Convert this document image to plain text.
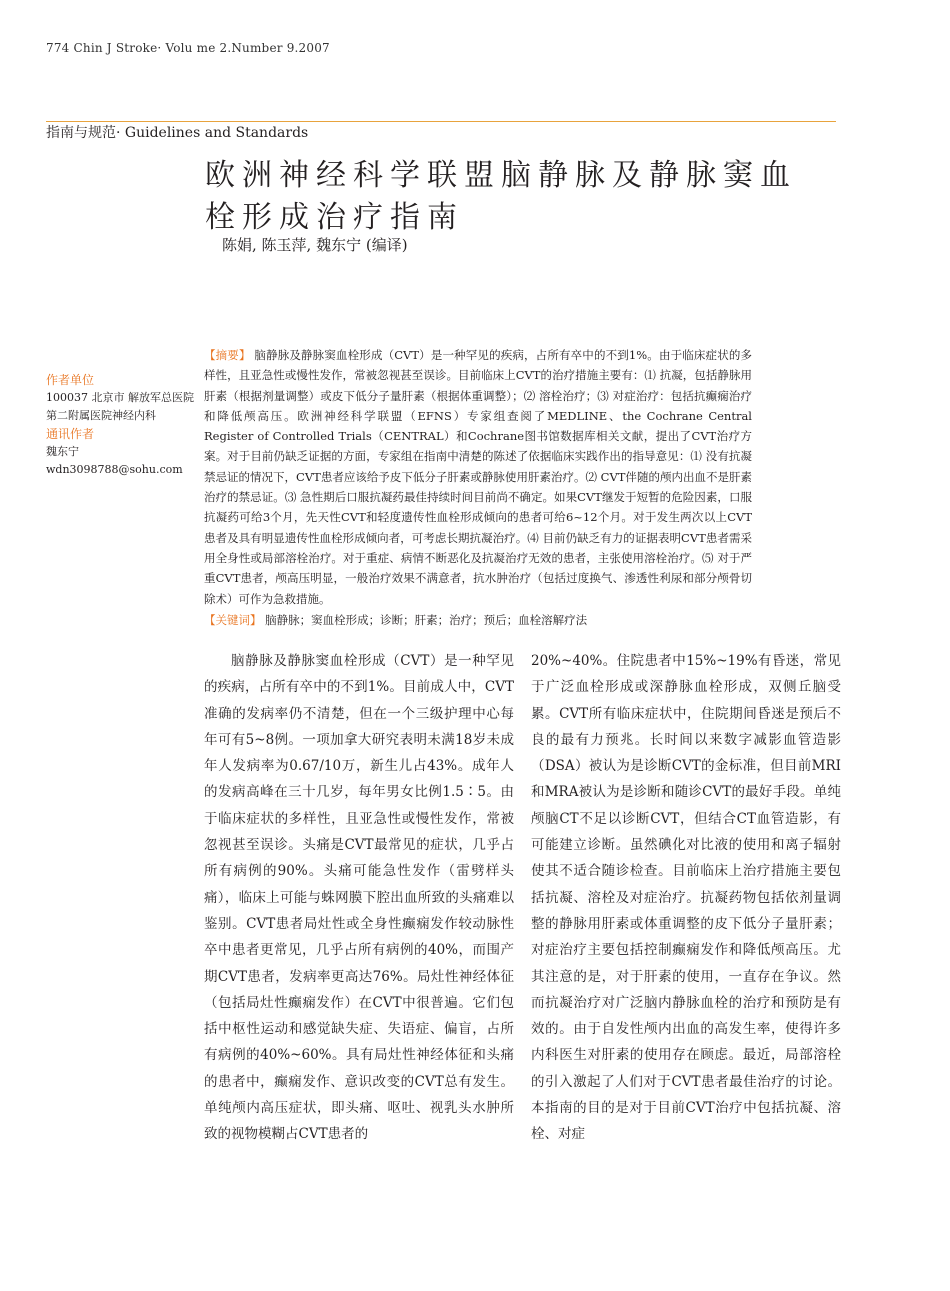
774 Chin J Stroke· Volu me 2.Number 9.2007
指南与规范· Guidelines and Standards
欧洲神经科学联盟脑静脉及静脉窦血栓形成治疗指南
陈娟, 陈玉萍, 魏东宁 (编译)
作者单位
100037 北京市 解放军总医院第二附属医院神经内科
通讯作者
魏东宁
wdn3098788@sohu.com
【摘要】 脑静脉及静脉窦血栓形成（CVT）是一种罕见的疾病，占所有卒中的不到1%。由于临床症状的多样性，且亚急性或慢性发作，常被忽视甚至误诊。目前临床上CVT的治疗措施主要有：⑴ 抗凝，包括静脉用肝素（根据剂量调整）或皮下低分子量肝素（根据体重调整）；⑵ 溶栓治疗；⑶ 对症治疗：包括抗癫痫治疗和降低颅高压。欧洲神经科学联盟（EFNS）专家组查阅了MEDLINE、the Cochrane Central Register of Controlled Trials（CENTRAL）和Cochrane图书馆数据库相关文献，提出了CVT治疗方案。对于目前仍缺乏证据的方面，专家组在指南中清楚的陈述了依据临床实践作出的指导意见：⑴ 没有抗凝禁忌证的情况下，CVT患者应该给予皮下低分子肝素或静脉使用肝素治疗。⑵ CVT伴随的颅内出血不是肝素治疗的禁忌证。⑶ 急性期后口服抗凝药最佳持续时间目前尚不确定。如果CVT继发于短暂的危险因素，口服抗凝药可给3个月，先天性CVT和轻度遗传性血栓形成倾向的患者可给6~12个月。对于发生两次以上CVT患者及具有明显遗传性血栓形成倾向者，可考虑长期抗凝治疗。⑷ 目前仍缺乏有力的证据表明CVT患者需采用全身性或局部溶栓治疗。对于重症、病情不断恶化及抗凝治疗无效的患者，主张使用溶栓治疗。⑸ 对于严重CVT患者，颅高压明显，一般治疗效果不满意者，抗水肿治疗（包括过度换气、渗透性利尿和部分颅骨切除术）可作为急救措施。
【关键词】 脑静脉；窦血栓形成；诊断；肝素；治疗；预后；血栓溶解疗法
脑静脉及静脉窦血栓形成（CVT）是一种罕见的疾病，占所有卒中的不到1%。目前成人中，CVT准确的发病率仍不清楚，但在一个三级护理中心每年可有5~8例。一项加拿大研究表明未满18岁未成年人发病率为0.67/10万，新生儿占43%。成年人的发病高峰在三十几岁，每年男女比例1.5∶5。由于临床症状的多样性，且亚急性或慢性发作，常被忽视甚至误诊。头痛是CVT最常见的症状，几乎占所有病例的90%。头痛可能急性发作（雷劈样头痛），临床上可能与蛛网膜下腔出血所致的头痛难以鉴别。CVT患者局灶性或全身性癫痫发作较动脉性卒中患者更常见，几乎占所有病例的40%，而围产期CVT患者，发病率更高达76%。局灶性神经体征（包括局灶性癫痫发作）在CVT中很普遍。它们包括中枢性运动和感觉缺失症、失语症、偏盲，占所有病例的40%~60%。具有局灶性神经体征和头痛的患者中，癫痫发作、意识改变的CVT总有发生。单纯颅内高压症状，即头痛、呕吐、视乳头水肿所致的视物模糊占CVT患者的
20%~40%。住院患者中15%~19%有昏迷，常见于广泛血栓形成或深静脉血栓形成，双侧丘脑受累。CVT所有临床症状中，住院期间昏迷是预后不良的最有力预兆。长时间以来数字减影血管造影（DSA）被认为是诊断CVT的金标准，但目前MRI和MRA被认为是诊断和随诊CVT的最好手段。单纯颅脑CT不足以诊断CVT，但结合CT血管造影，有可能建立诊断。虽然碘化对比液的使用和离子辐射使其不适合随诊检查。目前临床上治疗措施主要包括抗凝、溶栓及对症治疗。抗凝药物包括依剂量调整的静脉用肝素或体重调整的皮下低分子量肝素；对症治疗主要包括控制癫痫发作和降低颅高压。尤其注意的是，对于肝素的使用，一直存在争议。然而抗凝治疗对广泛脑内静脉血栓的治疗和预防是有效的。由于自发性颅内出血的高发生率，使得许多内科医生对肝素的使用存在顾虑。最近，局部溶栓的引入激起了人们对于CVT患者最佳治疗的讨论。本指南的目的是对于目前CVT治疗中包括抗凝、溶栓、对症
